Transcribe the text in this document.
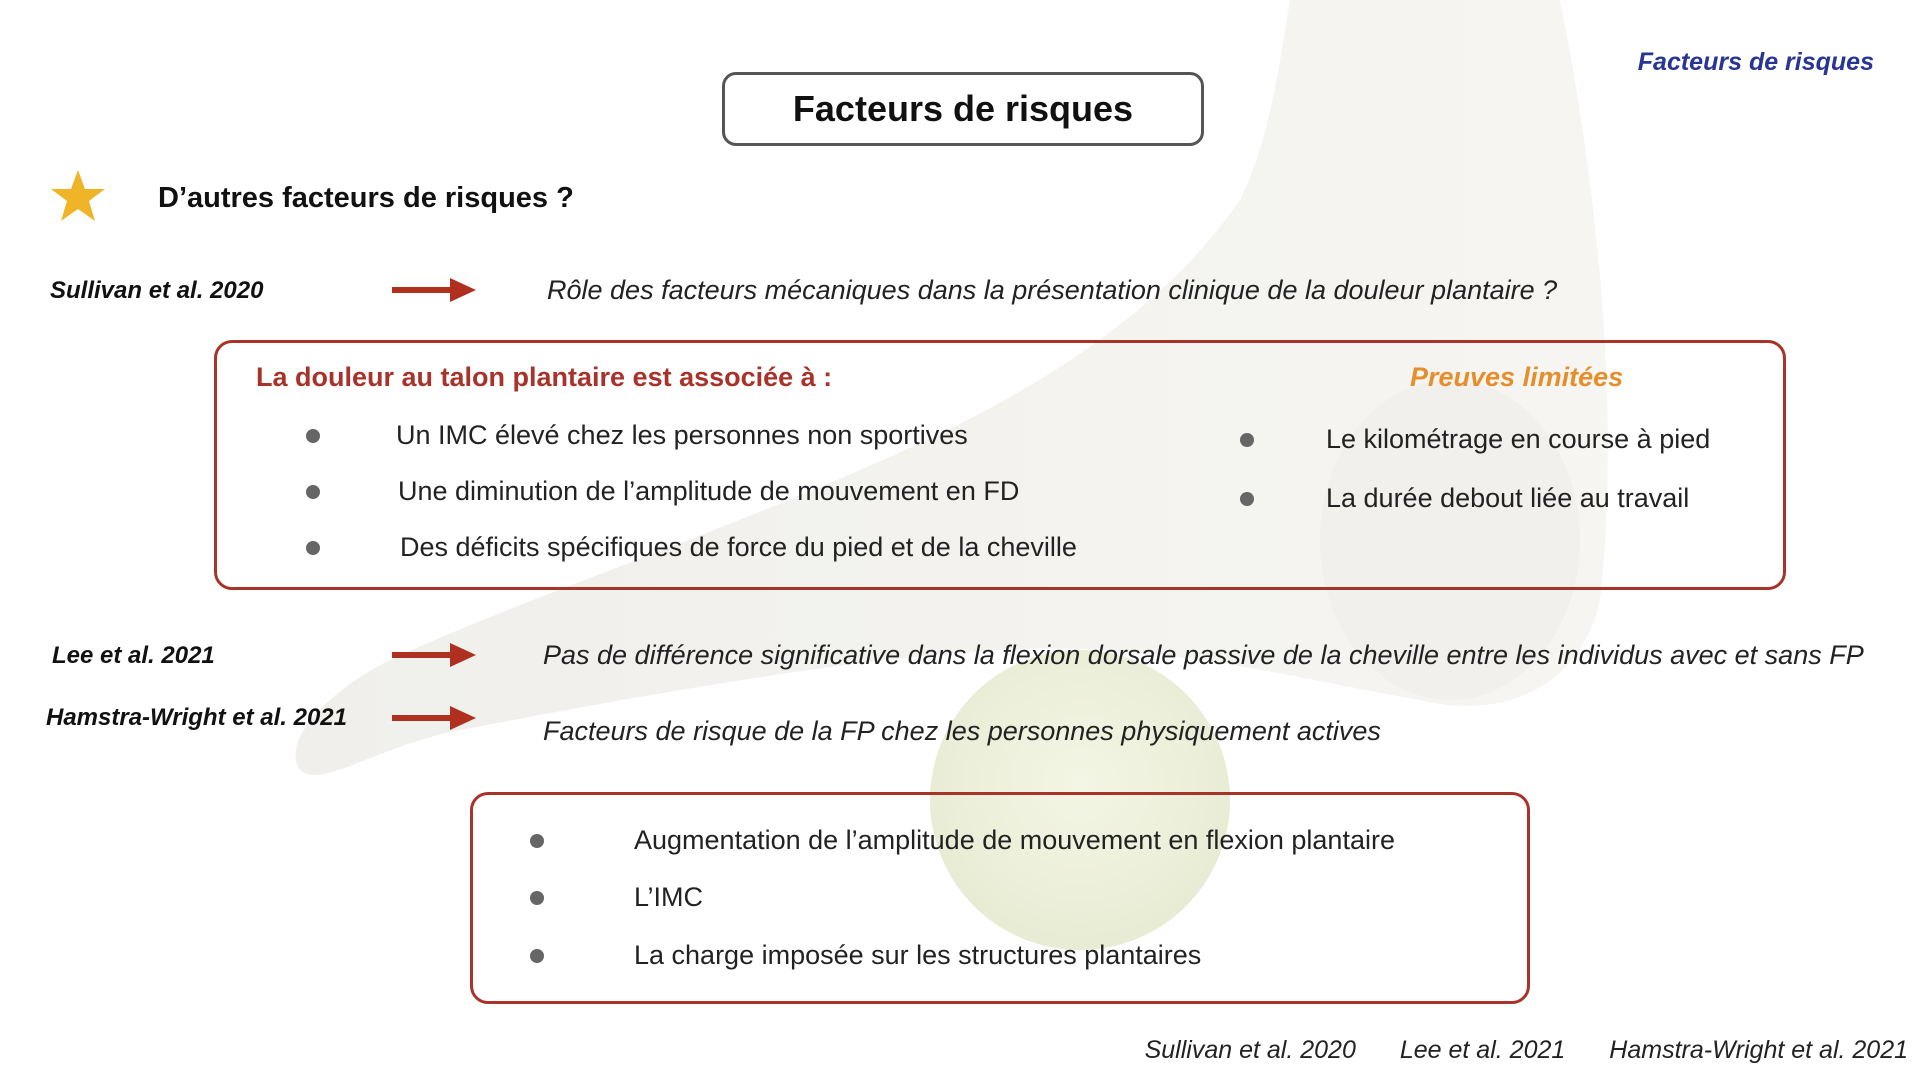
Facteurs de risques
Facteurs de risques
D’autres facteurs de risques ?
Sullivan et al. 2020	Rôle des facteurs mécaniques dans la présentation clinique de la douleur plantaire ?
La douleur au talon plantaire est associée à :	Preuves limitées
Un IMC élevé chez les personnes non sportives
Une diminution de l’amplitude de mouvement en FD
Des déficits spécifiques de force du pied et de la cheville
Le kilométrage en course à pied
La durée debout liée au travail
Lee et al. 2021	Pas de différence significative dans la flexion dorsale passive de la cheville entre les individus avec et sans FP
Hamstra-Wright et al. 2021	Facteurs de risque de la FP chez les personnes physiquement actives
Augmentation de l’amplitude de mouvement en flexion plantaire
L’IMC
La charge imposée sur les structures plantaires
Sullivan et al. 2020 Lee et al. 2021 Hamstra-Wright et al. 2021
